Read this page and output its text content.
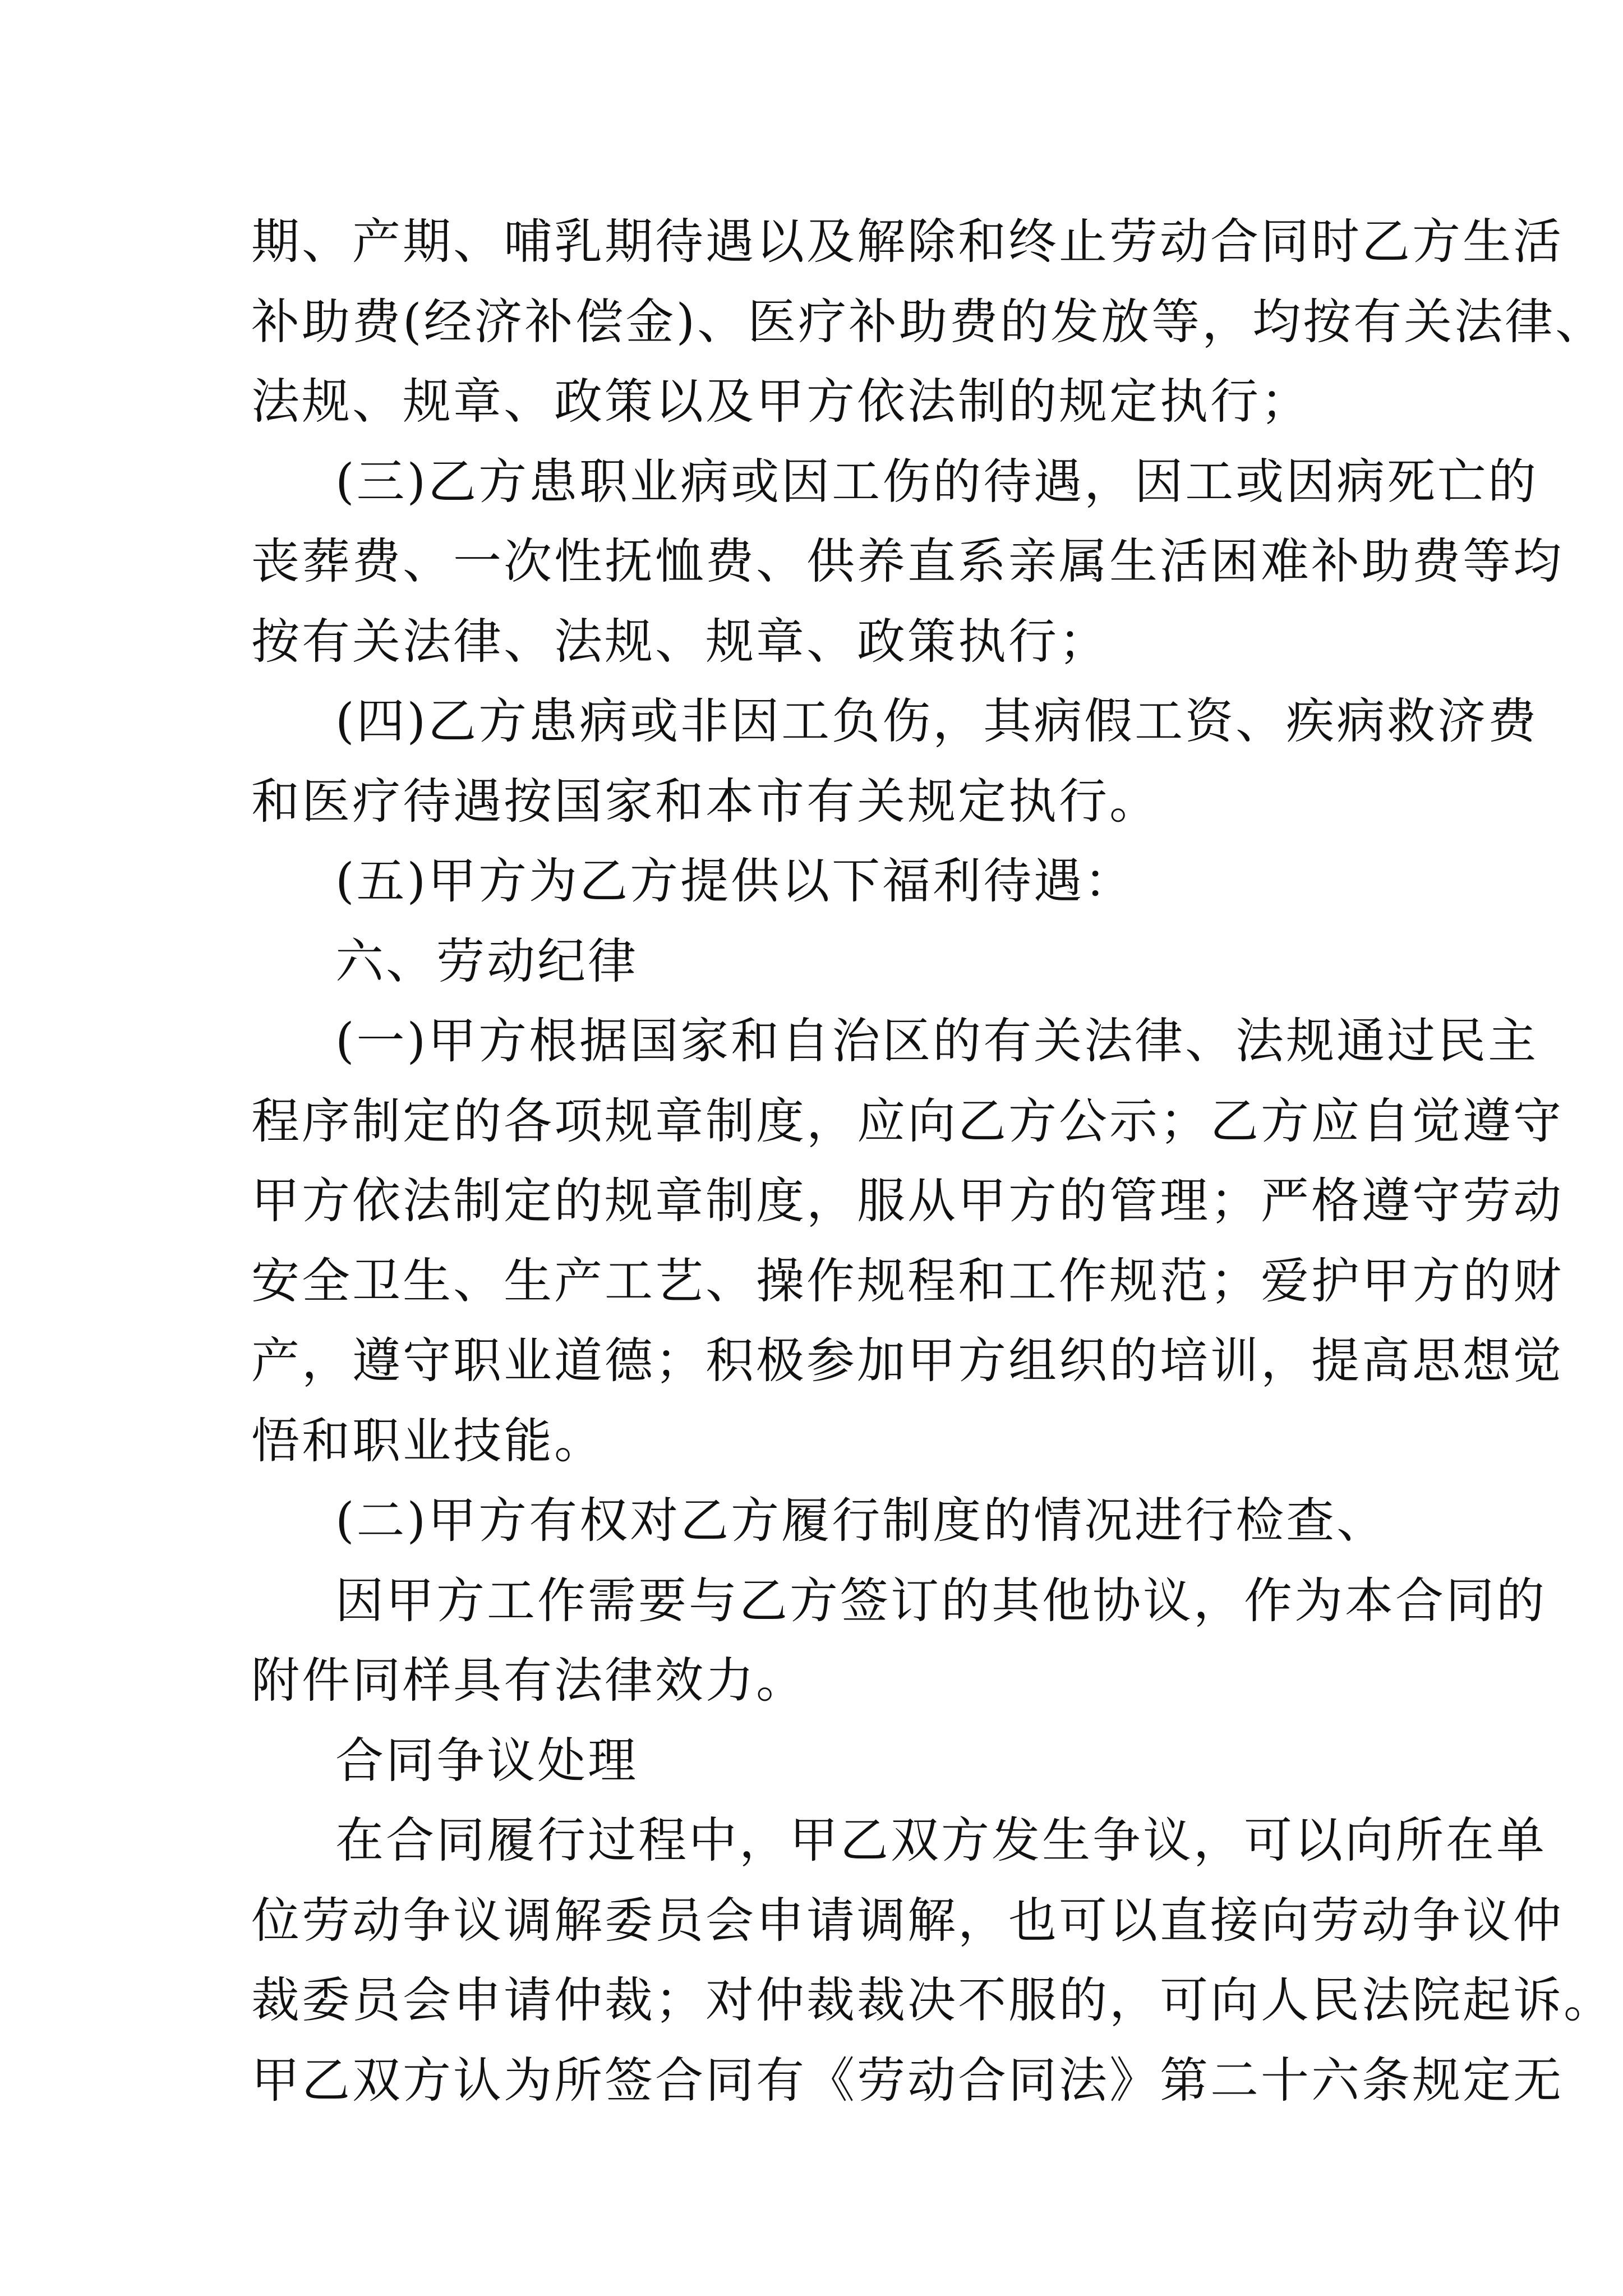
期、产期、哺乳期待遇以及解除和终止劳动合同时乙方生活
补助费(经济补偿金)、医疗补助费的发放等，均按有关法律、
法规、规章、政策以及甲方依法制的规定执行；
(三)乙方患职业病或因工伤的待遇，因工或因病死亡的
丧葬费、一次性抚恤费、供养直系亲属生活困难补助费等均
按有关法律、法规、规章、政策执行；
(四)乙方患病或非因工负伤，其病假工资、疾病救济费
和医疗待遇按国家和本市有关规定执行。
(五)甲方为乙方提供以下福利待遇：
六、劳动纪律
(一)甲方根据国家和自治区的有关法律、法规通过民主
程序制定的各项规章制度，应向乙方公示；乙方应自觉遵守
甲方依法制定的规章制度，服从甲方的管理；严格遵守劳动
安全卫生、生产工艺、操作规程和工作规范；爱护甲方的财
产，遵守职业道德；积极参加甲方组织的培训，提高思想觉
悟和职业技能。
(二)甲方有权对乙方履行制度的情况进行检查、
因甲方工作需要与乙方签订的其他协议，作为本合同的
附件同样具有法律效力。
合同争议处理
在合同履行过程中，甲乙双方发生争议，可以向所在单
位劳动争议调解委员会申请调解，也可以直接向劳动争议仲
裁委员会申请仲裁；对仲裁裁决不服的，可向人民法院起诉。
甲乙双方认为所签合同有《劳动合同法》第二十六条规定无
